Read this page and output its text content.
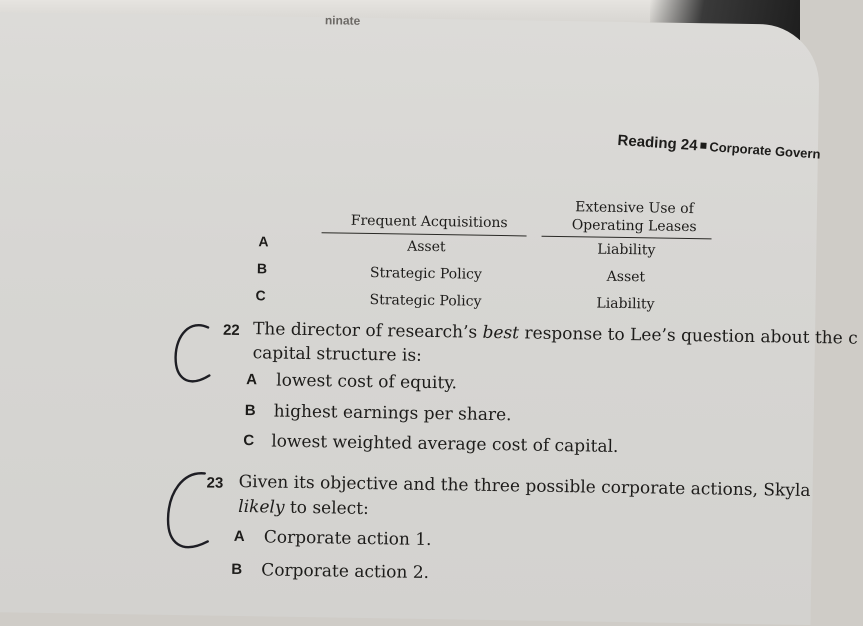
ninate
Reading 24 Corporate Govern
Frequent Acquisitions
Extensive Use of
Operating Leases
A	Asset	Liability
B	Strategic Policy	Asset
C	Strategic Policy	Liability
22 The director of research’s best response to Lee’s question about the c
capital structure is:
A lowest cost of equity.
B highest earnings per share.
C lowest weighted average cost of capital.
23 Given its objective and the three possible corporate actions, Skyla
likely to select:
A Corporate action 1.
B Corporate action 2.
